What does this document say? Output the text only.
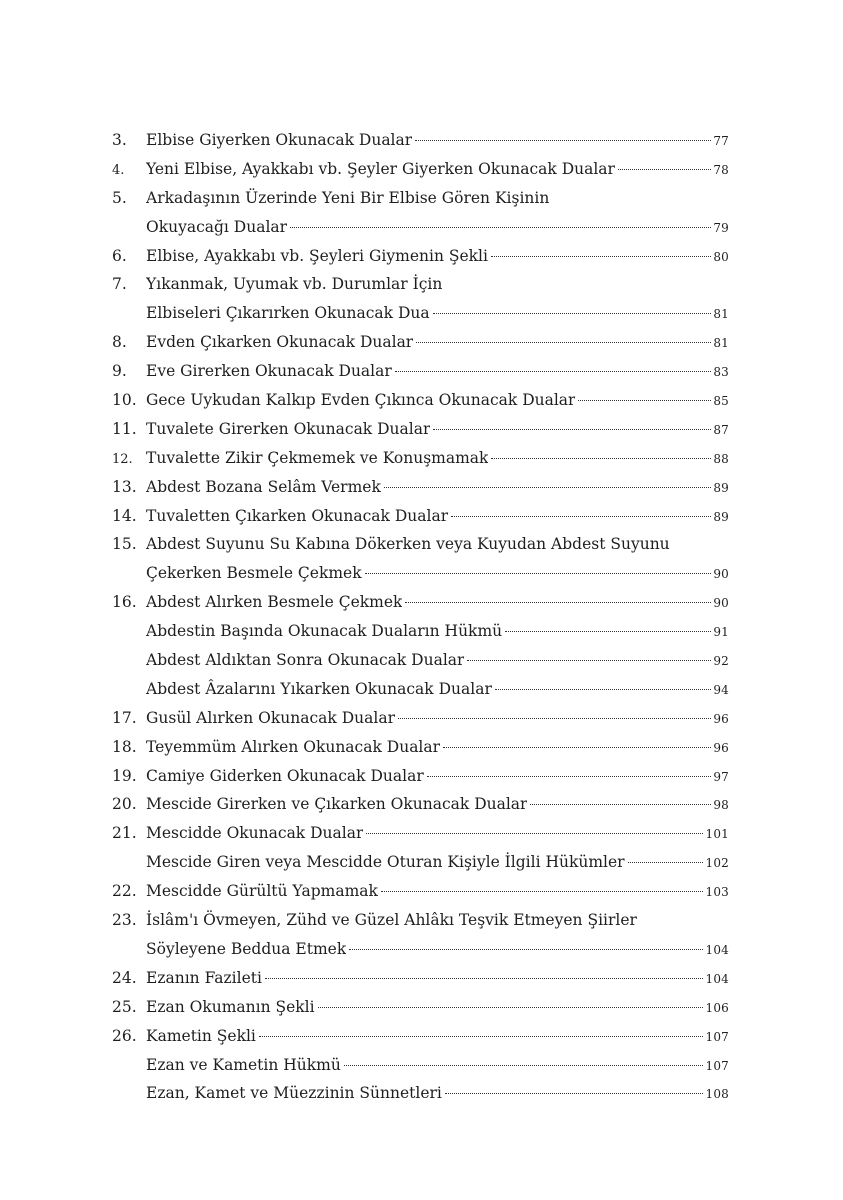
3.	Elbise Giyerken Okunacak Dualar	77
4.	Yeni Elbise, Ayakkabı vb. Şeyler Giyerken Okunacak Dualar	78
5.	Arkadaşının Üzerinde Yeni Bir Elbise Gören Kişinin
Okuyacağı Dualar	79
6.	Elbise, Ayakkabı vb. Şeyleri Giymenin Şekli	80
7.	Yıkanmak, Uyumak vb. Durumlar İçin
Elbiseleri Çıkarırken Okunacak Dua	81
8.	Evden Çıkarken Okunacak Dualar	81
9.	Eve Girerken Okunacak Dualar	83
10. Gece Uykudan Kalkıp Evden Çıkınca Okunacak Dualar	85
11. Tuvalete Girerken Okunacak Dualar	87
12. Tuvalette Zikir Çekmemek ve Konuşmamak	88
13. Abdest Bozana Selâm Vermek	89
14. Tuvaletten Çıkarken Okunacak Dualar	89
15. Abdest Suyunu Su Kabına Dökerken veya Kuyudan Abdest Suyunu
Çekerken Besmele Çekmek	90
16. Abdest Alırken Besmele Çekmek	90
Abdestin Başında Okunacak Duaların Hükmü	91
Abdest Aldıktan Sonra Okunacak Dualar	92
Abdest Âzalarını Yıkarken Okunacak Dualar	94
17. Gusül Alırken Okunacak Dualar	96
18. Teyemmüm Alırken Okunacak Dualar	96
19. Camiye Giderken Okunacak Dualar	97
20. Mescide Girerken ve Çıkarken Okunacak Dualar	98
21. Mescidde Okunacak Dualar	101
Mescide Giren veya Mescidde Oturan Kişiyle İlgili Hükümler	102
22. Mescidde Gürültü Yapmamak	103
23. İslâm'ı Övmeyen, Zühd ve Güzel Ahlâkı Teşvik Etmeyen Şiirler
Söyleyene Beddua Etmek	104
24. Ezanın Fazileti	104
25. Ezan Okumanın Şekli	106
26. Kametin Şekli	107
Ezan ve Kametin Hükmü	107
Ezan, Kamet ve Müezzinin Sünnetleri	108
